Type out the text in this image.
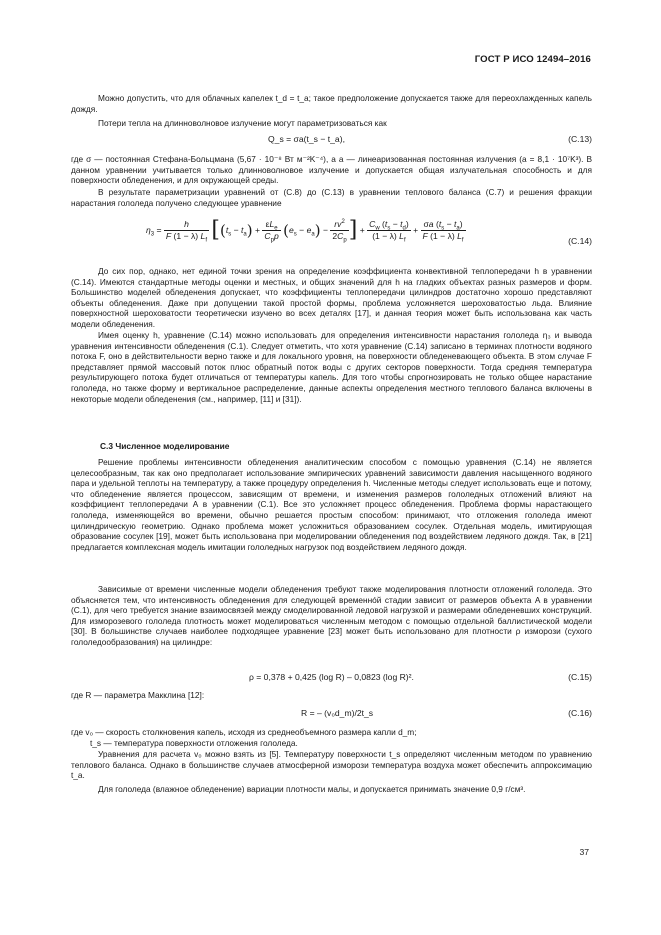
ГОСТ Р ИСО 12494–2016
Можно допустить, что для облачных капелек t_d = t_a; такое предположение допускается также для переохлажденных капель дождя.
Потери тепла на длинноволновое излучение могут параметризоваться как
Q_s = σa(t_s − t_a),	(C.13)
где σ — постоянная Стефана-Больцмана (5,67 · 10⁻⁸ Вт м⁻²K⁻⁴), а a — линеаризованная постоянная излучения (a = 8,1 · 10⁷K³). В данном уравнении учитывается только длинноволновое излучение и допускается общая излучательная способность и для поверхности обледенения, и для окружающей среды.
В результате параметризации уравнений от (С.8) до (С.13) в уравнении теплового баланса (С.7) и решения фракции нарастания гололеда получено следующее уравнение
$\eta_3 = \frac{h}{F (1 - \lambda) L_f} [(t_s - t_a) + \frac{\varepsilon L_e}{C_pp} (e_s - e_a) - \frac{rv^2}{2C_p}$ ] + $\frac{C_w (t_s - t_d)}{(1 - \lambda) L_f} + \frac{\sigma a (t_s - t_a)}{F (1 - \lambda) L_f}$	(C.14)
До сих пор, однако, нет единой точки зрения на определение коэффициента конвективной теплопередачи h в уравнении (С.14). Имеются стандартные методы оценки и местных, и общих значений для h на гладких объектах разных размеров и форм. Большинство моделей обледенения допускает, что коэффициенты теплопередачи цилиндров достаточно хорошо представляют объекты обледенения. Даже при допущении такой простой формы, проблема усложняется шероховатостью льда. Влияние поверхностной шероховатости теоретически изучено во всех деталях [17], и данная теория может быть использована как часть модели обледенения.
Имея оценку h, уравнение (С.14) можно использовать для определения интенсивности нарастания гололеда η₃ и вывода уравнения интенсивности обледенения (С.1). Следует отметить, что хотя уравнение (С.14) записано в терминах плотности водяного потока F, оно в действительности верно также и для локального уровня, на поверхности обледеневающего объекта. В этом случае F представляет прямой массовый поток плюс обратный поток воды с других секторов поверхности. Тогда средняя температура результирующего потока будет отличаться от температуры капель. Для того чтобы спрогнозировать не только общее нарастание гололеда, но также форму и вертикальное распределение, данные аспекты определения местного теплового баланса включены в некоторые модели обледенения (см., например, [11] и [31]).
С.3 Численное моделирование
Решение проблемы интенсивности обледенения аналитическим способом с помощью уравнения (С.14) не является целесообразным, так как оно предполагает использование эмпирических уравнений зависимости давления насыщенного водяного пара и удельной теплоты на температуру, а также процедуру определения h. Численные методы следует использовать еще и потому, что обледенение является процессом, зависящим от времени, и изменения размеров гололедных отложений влияют на коэффициент теплопередачи A в уравнении (С.1). Все это усложняет процесс обледенения. Проблема формы нарастающего гололеда, изменяющейся во времени, обычно решается простым способом: принимают, что отложения гололеда имеют цилиндрическую геометрию. Однако проблема может усложниться образованием сосулек. Отдельная модель, имитирующая образование сосулек [19], может быть использована при моделировании обледенения под воздействием ледяного дождя. Так, в [21] предлагается комплексная модель имитации гололедных нагрузок под воздействием ледяного дождя.
Зависимые от времени численные модели обледенения требуют также моделирования плотности отложений гололеда. Это объясняется тем, что интенсивность обледенения для следующей временнóй стадии зависит от размеров объекта A в уравнении (С.1), для чего требуется знание взаимосвязей между смоделированной ледовой нагрузкой и размерами обледеневших конструкций. Для изморозевого гололеда плотность может моделироваться численным методом с помощью отдельной баллистической модели [30]. В большинстве случаев наиболее подходящее уравнение [23] может быть использовано для плотности ρ изморози (сухого гололедообразования) на цилиндре:
ρ = 0,378 + 0,425 (log R) – 0,0823 (log R)².	(C.15)
где R — параметра Макклина [12]:
R = – (v₀d_m)/2t_s	(C.16)
где v₀ — скорость столкновения капель, исходя из среднеобъемного размера капли d_m;
t_s — температура поверхности отложения гололеда.
Уравнения для расчета v₀ можно взять из [5]. Температуру поверхности t_s определяют численным методом по уравнению теплового баланса. Однако в большинстве случаев атмосферной изморози температура воздуха может обеспечить аппроксимацию t_a.
Для гололеда (влажное обледенение) вариации плотности малы, и допускается принимать значение 0,9 г/см³.
37
